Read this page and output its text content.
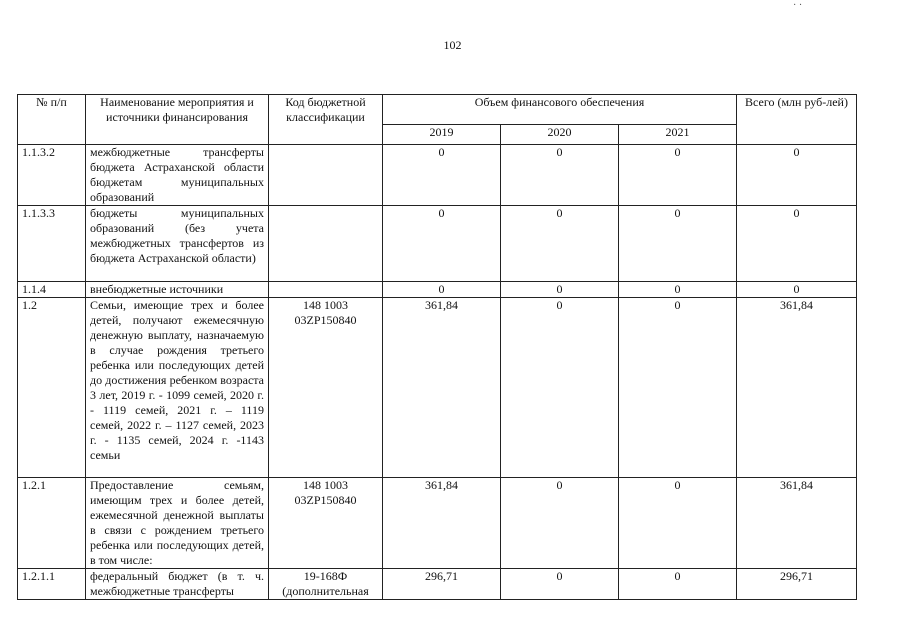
· ·
102
№ п/п	Наименование мероприятия и источники финансирования	Код бюджетной классификации	Объем финансового обеспечения			Всего (млн руб-лей)
			2019	2020	2021	
1.1.3.2	межбюджетные трансферты бюджета Астраханской области бюджетам муниципальных образований		0	0	0	0
1.1.3.3	бюджеты муниципальных образований (без учета межбюджетных трансфертов из бюджета Астраханской области)		0	0	0	0
1.1.4	внебюджетные источники		0	0	0	0
1.2	Семьи, имеющие трех и более детей, получают ежемесячную денежную выплату, назначаемую в случае рождения третьего ребенка или последующих детей до достижения ребенком возраста 3 лет, 2019 г. - 1099 семей, 2020 г. - 1119 семей, 2021 г. – 1119 семей, 2022 г. – 1127 семей, 2023 г. - 1135 семей, 2024 г. -1143 семьи	148 1003 03ZP150840	361,84	0	0	361,84
1.2.1	Предоставление семьям, имеющим трех и более детей, ежемесячной денежной выплаты в связи с рождением третьего ребенка или последующих детей, в том числе:	148 1003 03ZP150840	361,84	0	0	361,84
1.2.1.1	федеральный бюджет (в т. ч. межбюджетные трансферты	19-168Ф (дополнительная	296,71	0	0	296,71
